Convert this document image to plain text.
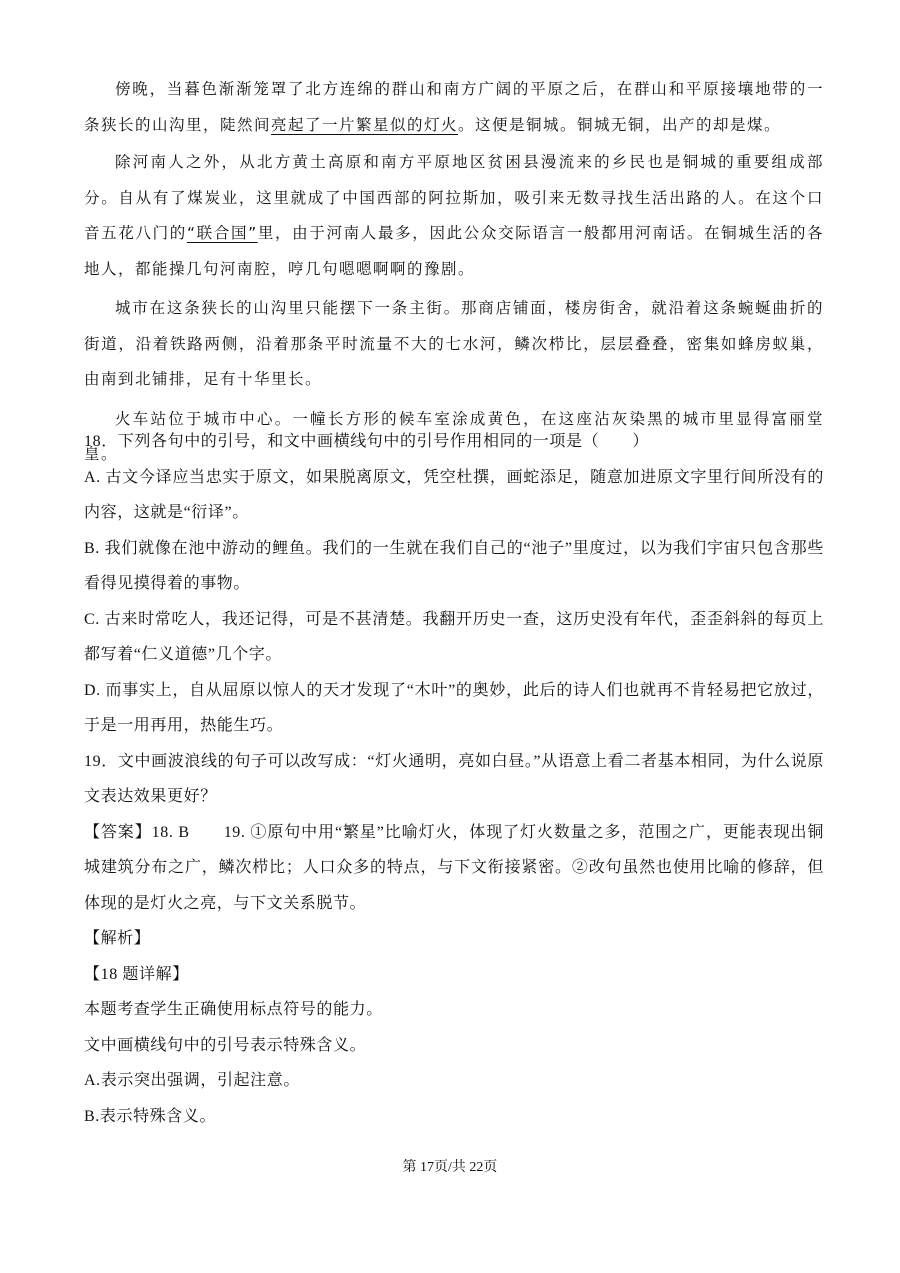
傍晚，当暮色渐渐笼罩了北方连绵的群山和南方广阔的平原之后，在群山和平原接壤地带的一条狭长的山沟里，陡然间亮起了一片繁星似的灯火。这便是铜城。铜城无铜，出产的却是煤。

除河南人之外，从北方黄土高原和南方平原地区贫困县漫流来的乡民也是铜城的重要组成部分。自从有了煤炭业，这里就成了中国西部的阿拉斯加，吸引来无数寻找生活出路的人。在这个口音五花八门的“联合国”里，由于河南人最多，因此公众交际语言一般都用河南话。在铜城生活的各地人，都能操几句河南腔，哼几句嗯嗯啊啊的豫剧。

城市在这条狭长的山沟里只能摆下一条主街。那商店铺面，楼房街舍，就沿着这条蜿蜒曲折的街道，沿着铁路两侧，沿着那条平时流量不大的七水河，鳞次栉比，层层叠叠，密集如蜂房蚁巢，由南到北铺排，足有十华里长。

火车站位于城市中心。一幢长方形的候车室涂成黄色，在这座沾灰染黑的城市里显得富丽堂皇。

18．下列各句中的引号，和文中画横线句中的引号作用相同的一项是（　　）

A. 古文今译应当忠实于原文，如果脱离原文，凭空杜撰，画蛇添足，随意加进原文字里行间所没有的内容，这就是“衍译”。

B. 我们就像在池中游动的鲤鱼。我们的一生就在我们自己的“池子”里度过，以为我们宇宙只包含那些看得见摸得着的事物。

C. 古来时常吃人，我还记得，可是不甚清楚。我翻开历史一查，这历史没有年代，歪歪斜斜的每页上都写着“仁义道德”几个字。

D. 而事实上，自从屈原以惊人的天才发现了“木叶”的奥妙，此后的诗人们也就再不肯轻易把它放过，于是一用再用，热能生巧。

19．文中画波浪线的句子可以改写成：“灯火通明，亮如白昼。”从语意上看二者基本相同，为什么说原文表达效果更好？

【答案】18. B　　19. ①原句中用“繁星”比喻灯火，体现了灯火数量之多，范围之广，更能表现出铜城建筑分布之广，鳞次栉比；人口众多的特点，与下文衔接紧密。②改句虽然也使用比喻的修辞，但体现的是灯火之亮，与下文关系脱节。

【解析】

【18 题详解】

本题考查学生正确使用标点符号的能力。

文中画横线句中的引号表示特殊含义。

A.表示突出强调，引起注意。

B.表示特殊含义。

第 17页/共 22页
